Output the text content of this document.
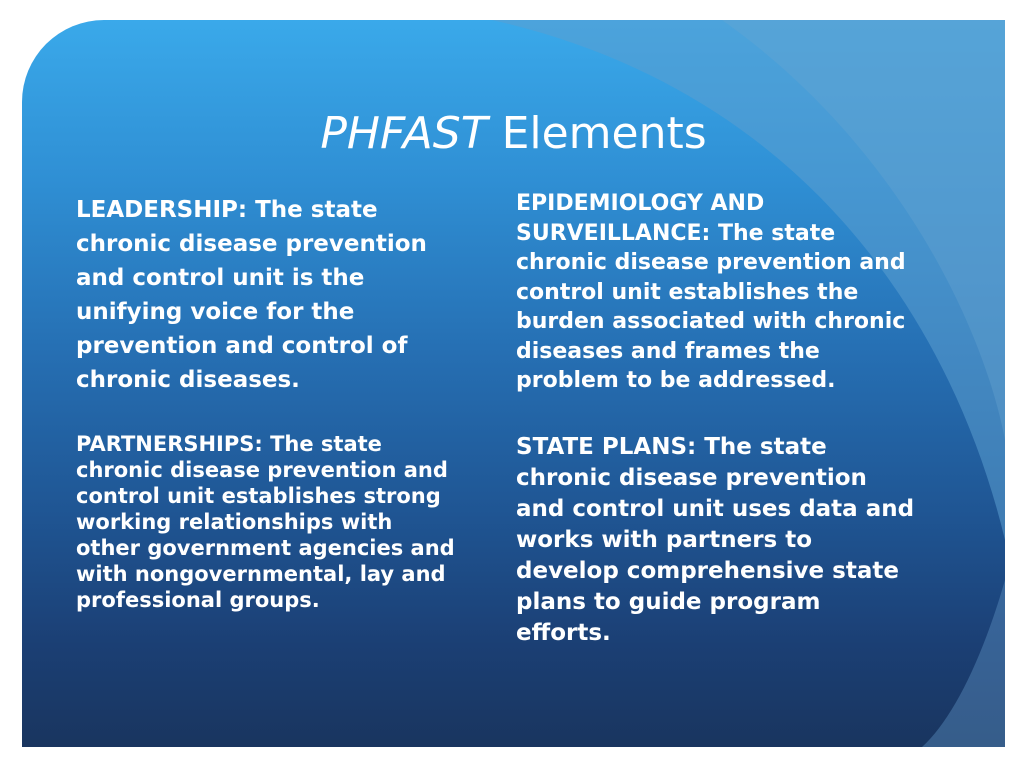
PHFAST Elements

LEADERSHIP: The state chronic disease prevention and control unit is the unifying voice for the prevention and control of chronic diseases.

PARTNERSHIPS: The state chronic disease prevention and control unit establishes strong working relationships with other government agencies and with nongovernmental, lay and professional groups.

EPIDEMIOLOGY AND SURVEILLANCE: The state chronic disease prevention and control unit establishes the burden associated with chronic diseases and frames the problem to be addressed.

STATE PLANS: The state chronic disease prevention and control unit uses data and works with partners to develop comprehensive state plans to guide program efforts.
